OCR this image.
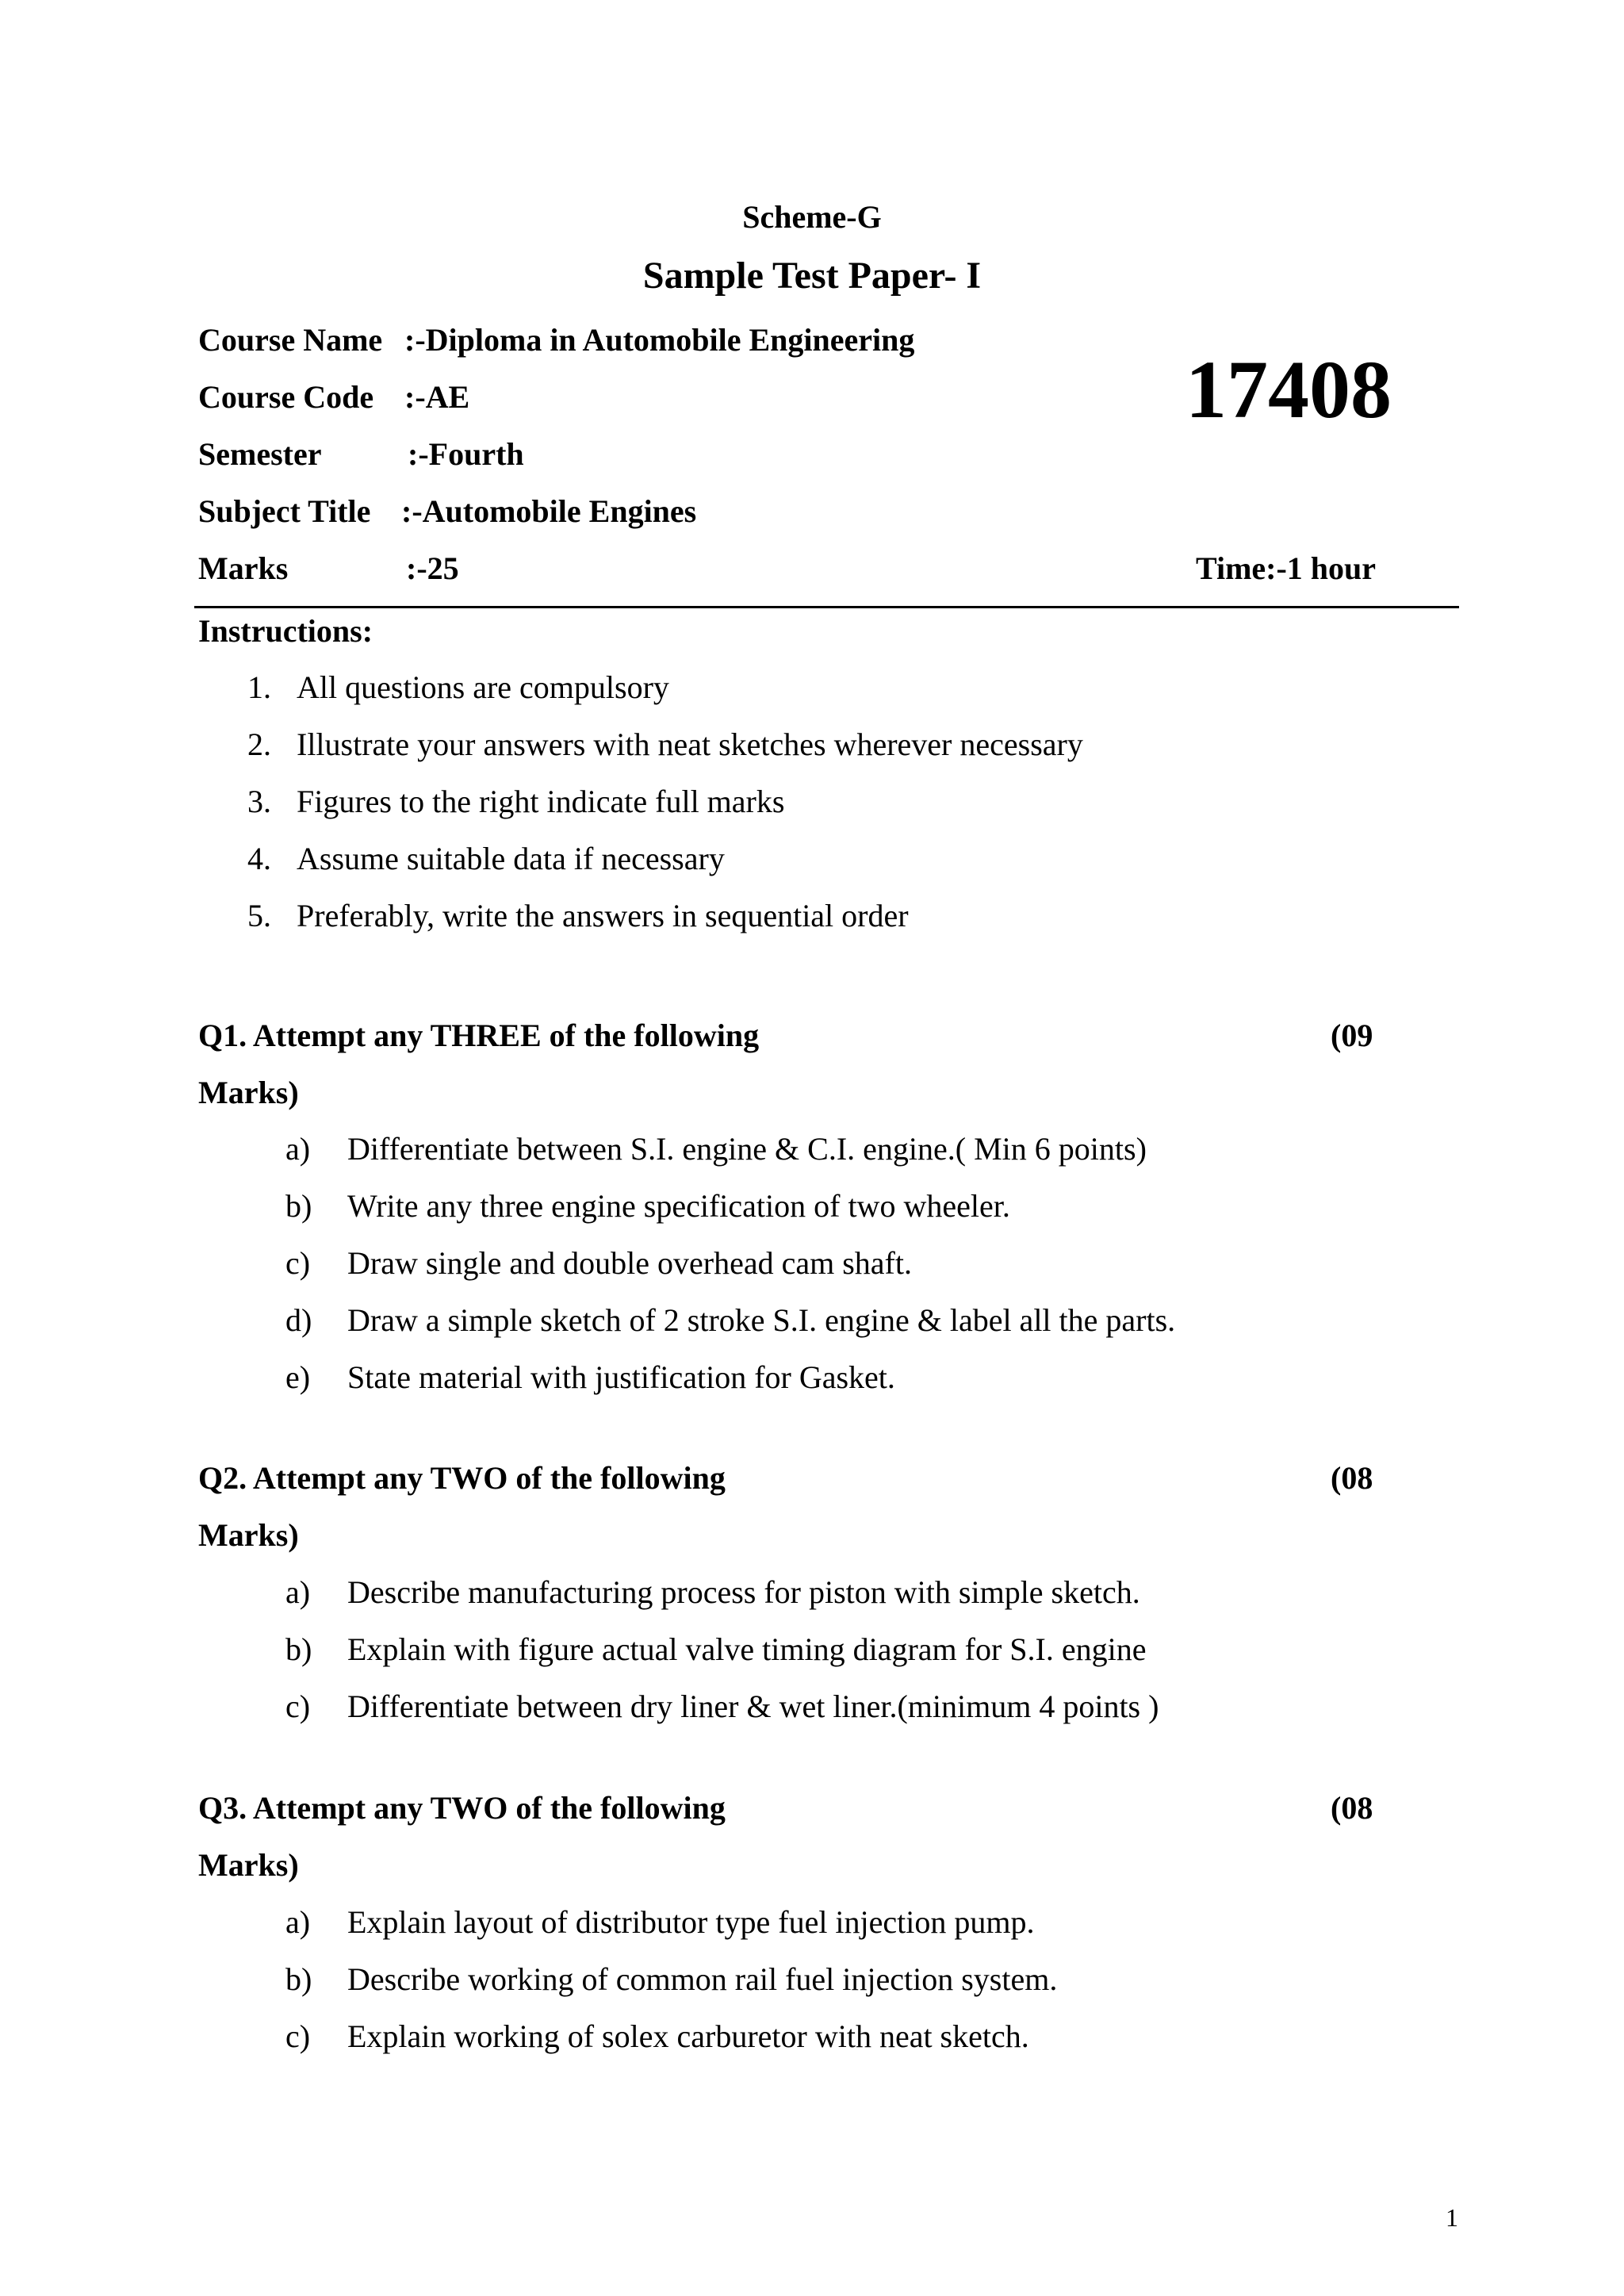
Scheme-G
Sample Test Paper- I
Course Name :-Diploma in Automobile Engineering
Course Code :-AE
Semester	:-Fourth
Subject Title :-Automobile Engines
Marks	:-25	Time:-1 hour
17408
Instructions:
1. All questions are compulsory
2. Illustrate your answers with neat sketches wherever necessary
3. Figures to the right indicate full marks
4. Assume suitable data if necessary
5. Preferably, write the answers in sequential order
Q1. Attempt any THREE of the following	(09
Marks)
a) Differentiate between S.I. engine & C.I. engine.( Min 6 points)
b) Write any three engine specification of two wheeler.
c) Draw single and double overhead cam shaft.
d) Draw a simple sketch of 2 stroke S.I. engine & label all the parts.
e) State material with justification for Gasket.
Q2. Attempt any TWO of the following	(08
Marks)
a) Describe manufacturing process for piston with simple sketch.
b) Explain with figure actual valve timing diagram for S.I. engine
c) Differentiate between dry liner & wet liner.(minimum 4 points )
Q3. Attempt any TWO of the following	(08
Marks)
a) Explain layout of distributor type fuel injection pump.
b) Describe working of common rail fuel injection system.
c) Explain working of solex carburetor with neat sketch.
1
